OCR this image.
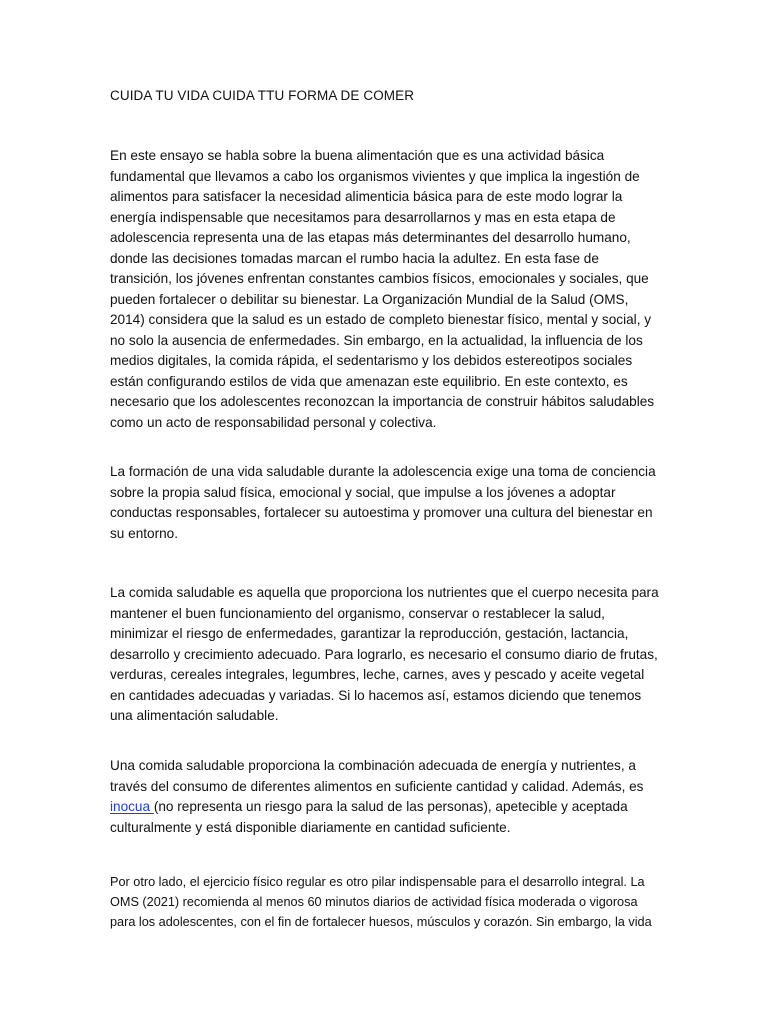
CUIDA TU VIDA CUIDA TTU FORMA DE COMER

En este ensayo se habla sobre la buena alimentación que es una actividad básica fundamental que llevamos a cabo los organismos vivientes y que implica la ingestión de alimentos para satisfacer la necesidad alimenticia básica para de este modo lograr la energía indispensable que necesitamos para desarrollarnos y mas en esta etapa de adolescencia representa una de las etapas más determinantes del desarrollo humano, donde las decisiones tomadas marcan el rumbo hacia la adultez. En esta fase de transición, los jóvenes enfrentan constantes cambios físicos, emocionales y sociales, que pueden fortalecer o debilitar su bienestar. La Organización Mundial de la Salud (OMS, 2014) considera que la salud es un estado de completo bienestar físico, mental y social, y no solo la ausencia de enfermedades. Sin embargo, en la actualidad, la influencia de los medios digitales, la comida rápida, el sedentarismo y los debidos estereotipos sociales están configurando estilos de vida que amenazan este equilibrio. En este contexto, es necesario que los adolescentes reconozcan la importancia de construir hábitos saludables como un acto de responsabilidad personal y colectiva.

La formación de una vida saludable durante la adolescencia exige una toma de conciencia sobre la propia salud física, emocional y social, que impulse a los jóvenes a adoptar conductas responsables, fortalecer su autoestima y promover una cultura del bienestar en su entorno.

La comida saludable es aquella que proporciona los nutrientes que el cuerpo necesita para mantener el buen funcionamiento del organismo, conservar o restablecer la salud, minimizar el riesgo de enfermedades, garantizar la reproducción, gestación, lactancia, desarrollo y crecimiento adecuado. Para lograrlo, es necesario el consumo diario de frutas, verduras, cereales integrales, legumbres, leche, carnes, aves y pescado y aceite vegetal en cantidades adecuadas y variadas. Si lo hacemos así, estamos diciendo que tenemos una alimentación saludable.

Una comida saludable proporciona la combinación adecuada de energía y nutrientes, a través del consumo de diferentes alimentos en suficiente cantidad y calidad. Además, es inocua (no representa un riesgo para la salud de las personas), apetecible y aceptada culturalmente y está disponible diariamente en cantidad suficiente.

Por otro lado, el ejercicio físico regular es otro pilar indispensable para el desarrollo integral. La OMS (2021) recomienda al menos 60 minutos diarios de actividad física moderada o vigorosa para los adolescentes, con el fin de fortalecer huesos, músculos y corazón. Sin embargo, la vida
